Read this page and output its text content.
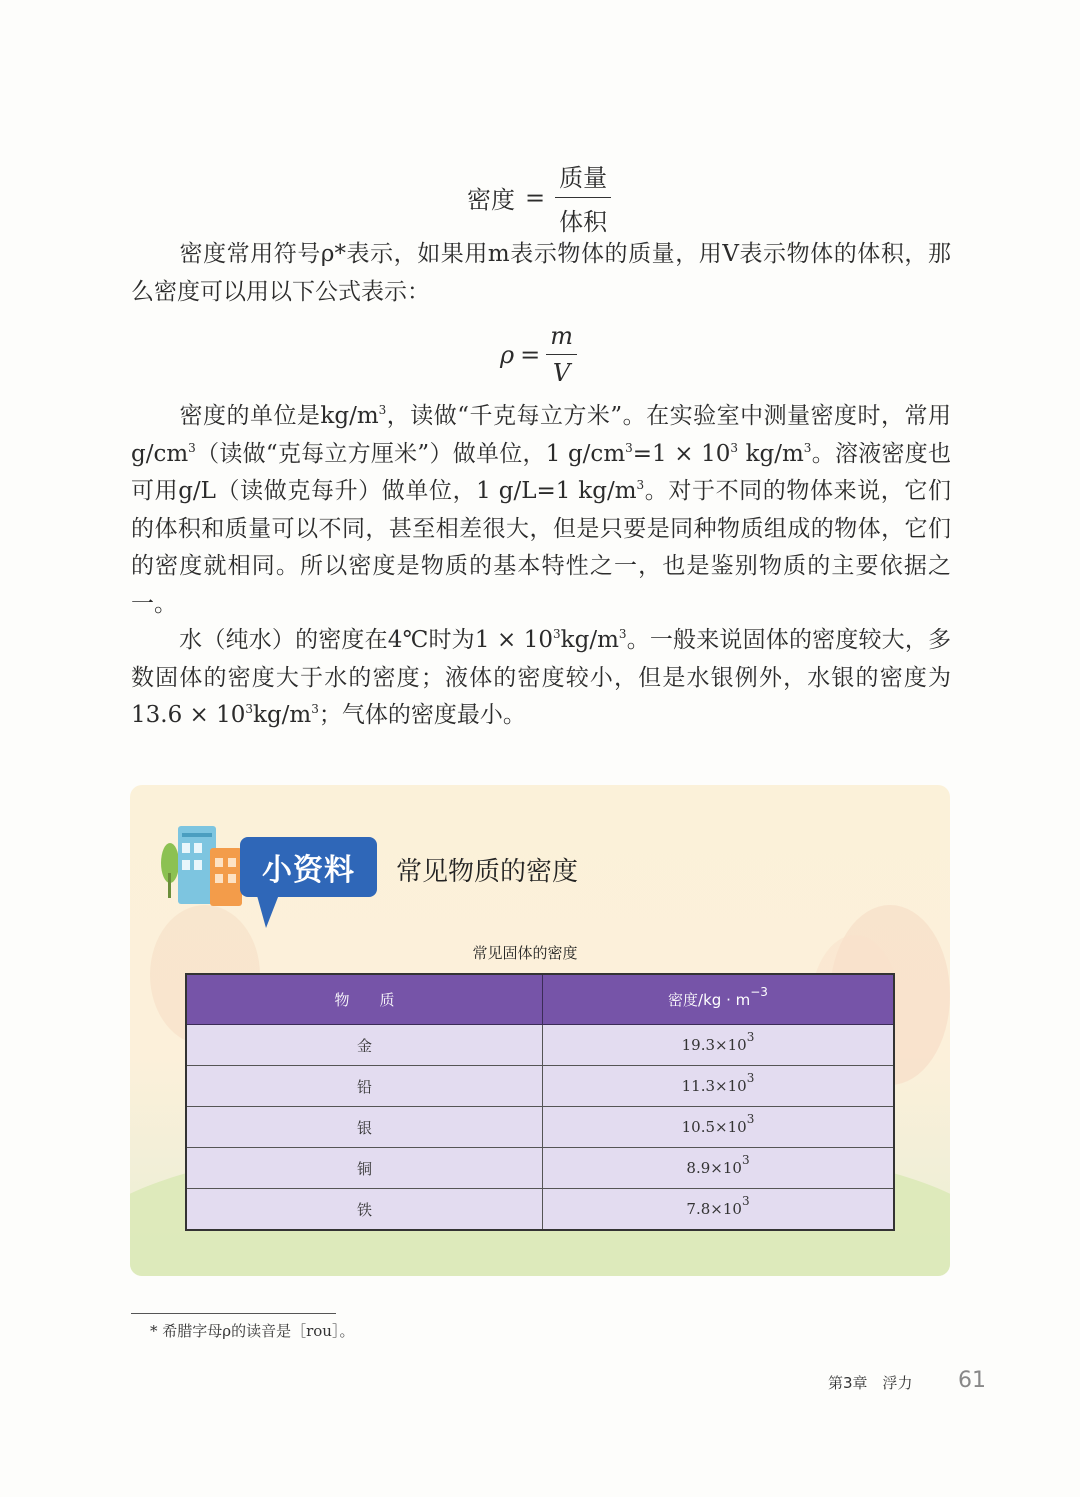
密度 = $\frac{\text{质量}}{\text{体积}}$

密度常用符号ρ*表示，如果用m表示物体的质量，用V表示物体的体积，那么密度可以用以下公式表示：

$\rho = \frac{m}{V}$

密度的单位是$kg/m^3$，读做“千克每立方米”。在实验室中测量密度时，常用$g/cm^3$（读做“克每立方厘米”）做单位，1 $g/cm^3=1 \times 10^3$ $kg/m^3$。溶液密度也可用g/L（读做克每升）做单位，1 g/L=1 $kg/m^3$。对于不同的物体来说，它们的体积和质量可以不同，甚至相差很大，但是只要是同种物质组成的物体，它们的密度就相同。所以密度是物质的基本特性之一，也是鉴别物质的主要依据之一。

水（纯水）的密度在4℃时为$1 \times 10^3kg/m^3$。一般来说固体的密度较大，多数固体的密度大于水的密度；液体的密度较小，但是水银例外，水银的密度为$13.6 \times 10^3kg/m^3$；气体的密度最小。

小资料	常见物质的密度
常见固体的密度
物　　质	密度$/kg \cdot m^{-3}$
金	$19.3\times 10^3$
铅	$11.3\times 10^3$
银	$10.5\times 10^3$
铜	$8.9\times 10^3$
铁	$7.8\times 10^3$
* 希腊字母ρ的读音是［rou］。
第3章　浮力 61
